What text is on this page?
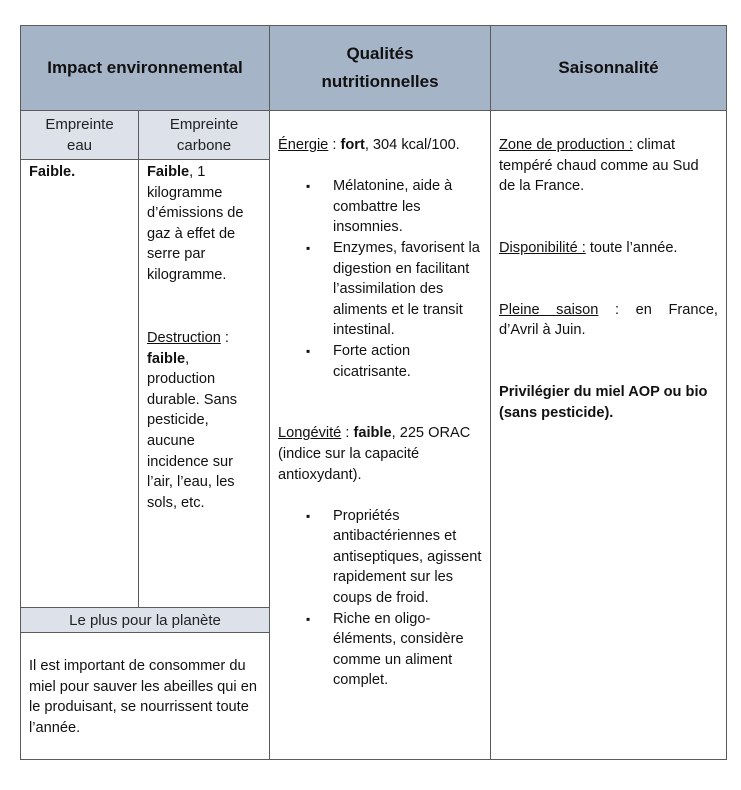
Impact environnemental
Qualités nutritionnelles
Saisonnalité
Empreinte eau
Empreinte carbone
Faible.	Faible, 1 kilogramme d’émissions de gaz à effet de serre par kilogramme.
Destruction : faible, production durable. Sans pesticide, aucune incidence sur l’air, l’eau, les sols, etc.
Le plus pour la planète
Il est important de consommer du miel pour sauver les abeilles qui en le produisant, se nourrissent toute l’année.
Énergie : fort, 304 kcal/100.
▪ Mélatonine, aide à combattre les insomnies.
▪ Enzymes, favorisent la digestion en facilitant l’assimilation des aliments et le transit intestinal.
▪ Forte action cicatrisante.
Longévité : faible, 225 ORAC (indice sur la capacité antioxydant).
▪ Propriétés antibactériennes et antiseptiques, agissent rapidement sur les coups de froid.
▪ Riche en oligo-éléments, considère comme un aliment complet.
Zone de production : climat tempéré chaud comme au Sud de la France.
Disponibilité : toute l’année.
Pleine saison : en France,
d’Avril à Juin.
Privilégier du miel AOP ou bio (sans pesticide).
